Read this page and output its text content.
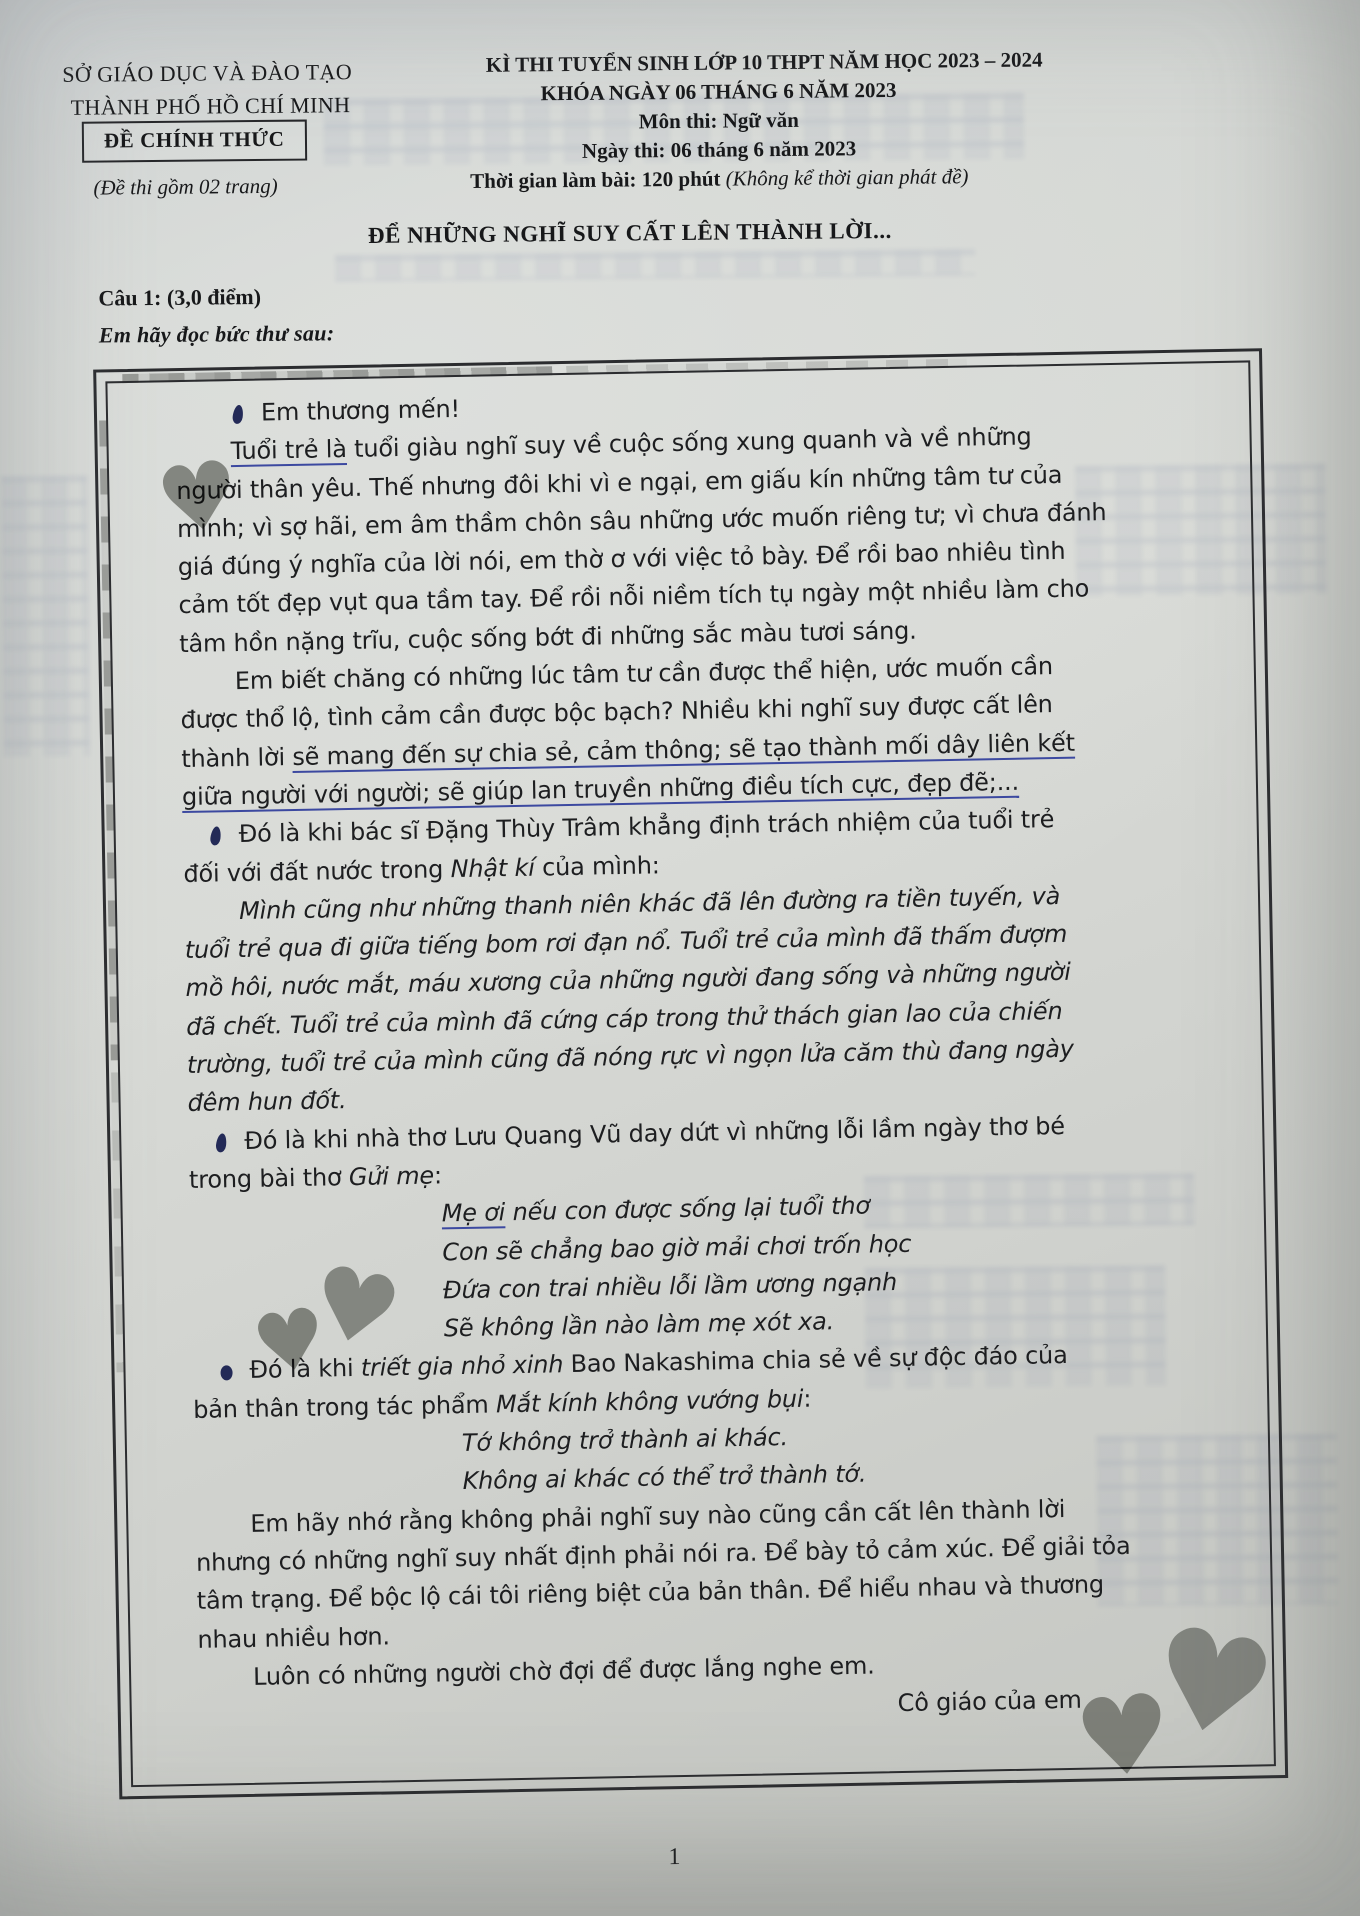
SỞ GIÁO DỤC VÀ ĐÀO TẠO
THÀNH PHỐ HỒ CHÍ MINH
ĐỀ CHÍNH THỨC
(Đề thi gồm 02 trang)
KÌ THI TUYỂN SINH LỚP 10 THPT NĂM HỌC 2023 – 2024
KHÓA NGÀY 06 THÁNG 6 NĂM 2023
Môn thi: Ngữ văn
Ngày thi: 06 tháng 6 năm 2023
Thời gian làm bài: 120 phút (Không kể thời gian phát đề)
ĐỂ NHỮNG NGHĨ SUY CẤT LÊN THÀNH LỜI...
Câu 1: (3,0 điểm)
Em hãy đọc bức thư sau:
Em thương mến!
Tuổi trẻ là tuổi giàu nghĩ suy về cuộc sống xung quanh và về những
người thân yêu. Thế nhưng đôi khi vì e ngại, em giấu kín những tâm tư của
mình; vì sợ hãi, em âm thầm chôn sâu những ước muốn riêng tư; vì chưa đánh
giá đúng ý nghĩa của lời nói, em thờ ơ với việc tỏ bày. Để rồi bao nhiêu tình
cảm tốt đẹp vụt qua tầm tay. Để rồi nỗi niềm tích tụ ngày một nhiều làm cho
tâm hồn nặng trĩu, cuộc sống bớt đi những sắc màu tươi sáng.
Em biết chăng có những lúc tâm tư cần được thể hiện, ước muốn cần
được thổ lộ, tình cảm cần được bộc bạch? Nhiều khi nghĩ suy được cất lên
thành lời sẽ mang đến sự chia sẻ, cảm thông; sẽ tạo thành mối dây liên kết
giữa người với người; sẽ giúp lan truyền những điều tích cực, đẹp đẽ;...
Đó là khi bác sĩ Đặng Thùy Trâm khẳng định trách nhiệm của tuổi trẻ
đối với đất nước trong Nhật kí của mình:
Mình cũng như những thanh niên khác đã lên đường ra tiền tuyến, và
tuổi trẻ qua đi giữa tiếng bom rơi đạn nổ. Tuổi trẻ của mình đã thấm đượm
mồ hôi, nước mắt, máu xương của những người đang sống và những người
đã chết. Tuổi trẻ của mình đã cứng cáp trong thử thách gian lao của chiến
trường, tuổi trẻ của mình cũng đã nóng rực vì ngọn lửa căm thù đang ngày
đêm hun đốt.
Đó là khi nhà thơ Lưu Quang Vũ day dứt vì những lỗi lầm ngày thơ bé
trong bài thơ Gửi mẹ:
Mẹ ơi nếu con được sống lại tuổi thơ
Con sẽ chẳng bao giờ mải chơi trốn học
Đứa con trai nhiều lỗi lầm ương ngạnh
Sẽ không lần nào làm mẹ xót xa.
Đó là khi triết gia nhỏ xinh Bao Nakashima chia sẻ về sự độc đáo của
bản thân trong tác phẩm Mắt kính không vướng bụi:
Tớ không trở thành ai khác.
Không ai khác có thể trở thành tớ.
Em hãy nhớ rằng không phải nghĩ suy nào cũng cần cất lên thành lời
nhưng có những nghĩ suy nhất định phải nói ra. Để bày tỏ cảm xúc. Để giải tỏa
tâm trạng. Để bộc lộ cái tôi riêng biệt của bản thân. Để hiểu nhau và thương
nhau nhiều hơn.
Luôn có những người chờ đợi để được lắng nghe em.
Cô giáo của em
♥
♥
♥
♥
♥
1
